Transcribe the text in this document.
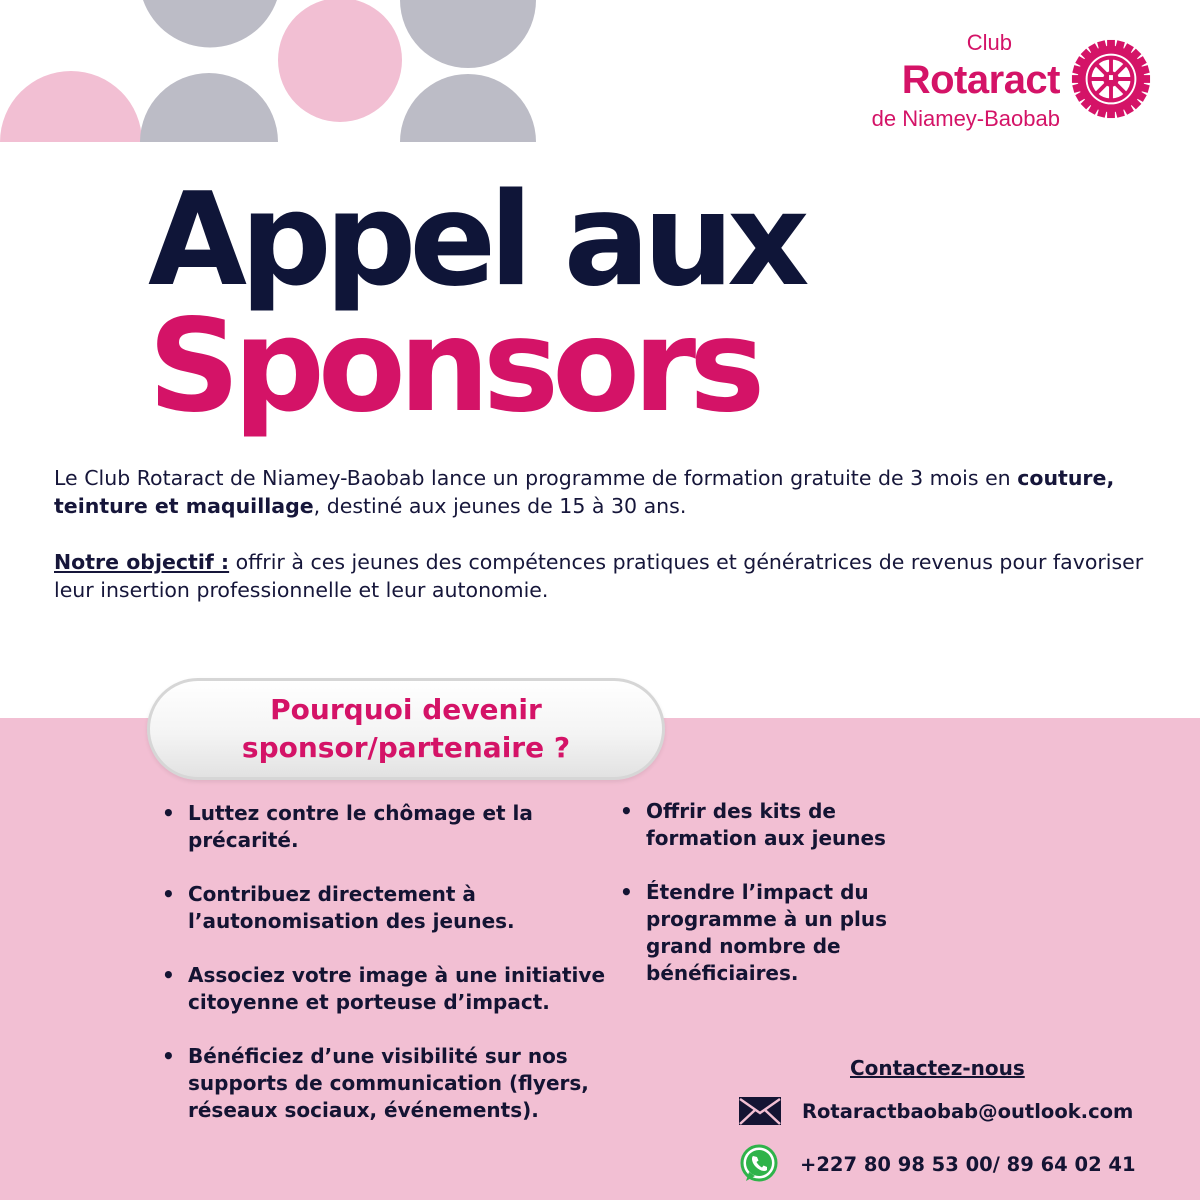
Club
Rotaract
de Niamey-Baobab
Appel aux
Sponsors

Le Club Rotaract de Niamey-Baobab lance un programme de formation gratuite de 3 mois en couture, teinture et maquillage, destiné aux jeunes de 15 à 30 ans.

Notre objectif : offrir à ces jeunes des compétences pratiques et génératrices de revenus pour favoriser leur insertion professionnelle et leur autonomie.

Pourquoi devenir
sponsor/partenaire ?
• Luttez contre le chômage et la précarité.
• Contribuez directement à l’autonomisation des jeunes.
• Associez votre image à une initiative citoyenne et porteuse d’impact.
• Bénéficiez d’une visibilité sur nos supports de communication (flyers, réseaux sociaux, événements).
• Offrir des kits de formation aux jeunes
• Étendre l’impact du programme à un plus grand nombre de bénéficiaires.
Contactez-nous
Rotaractbaobab@outlook.com
+227 80 98 53 00/ 89 64 02 41
